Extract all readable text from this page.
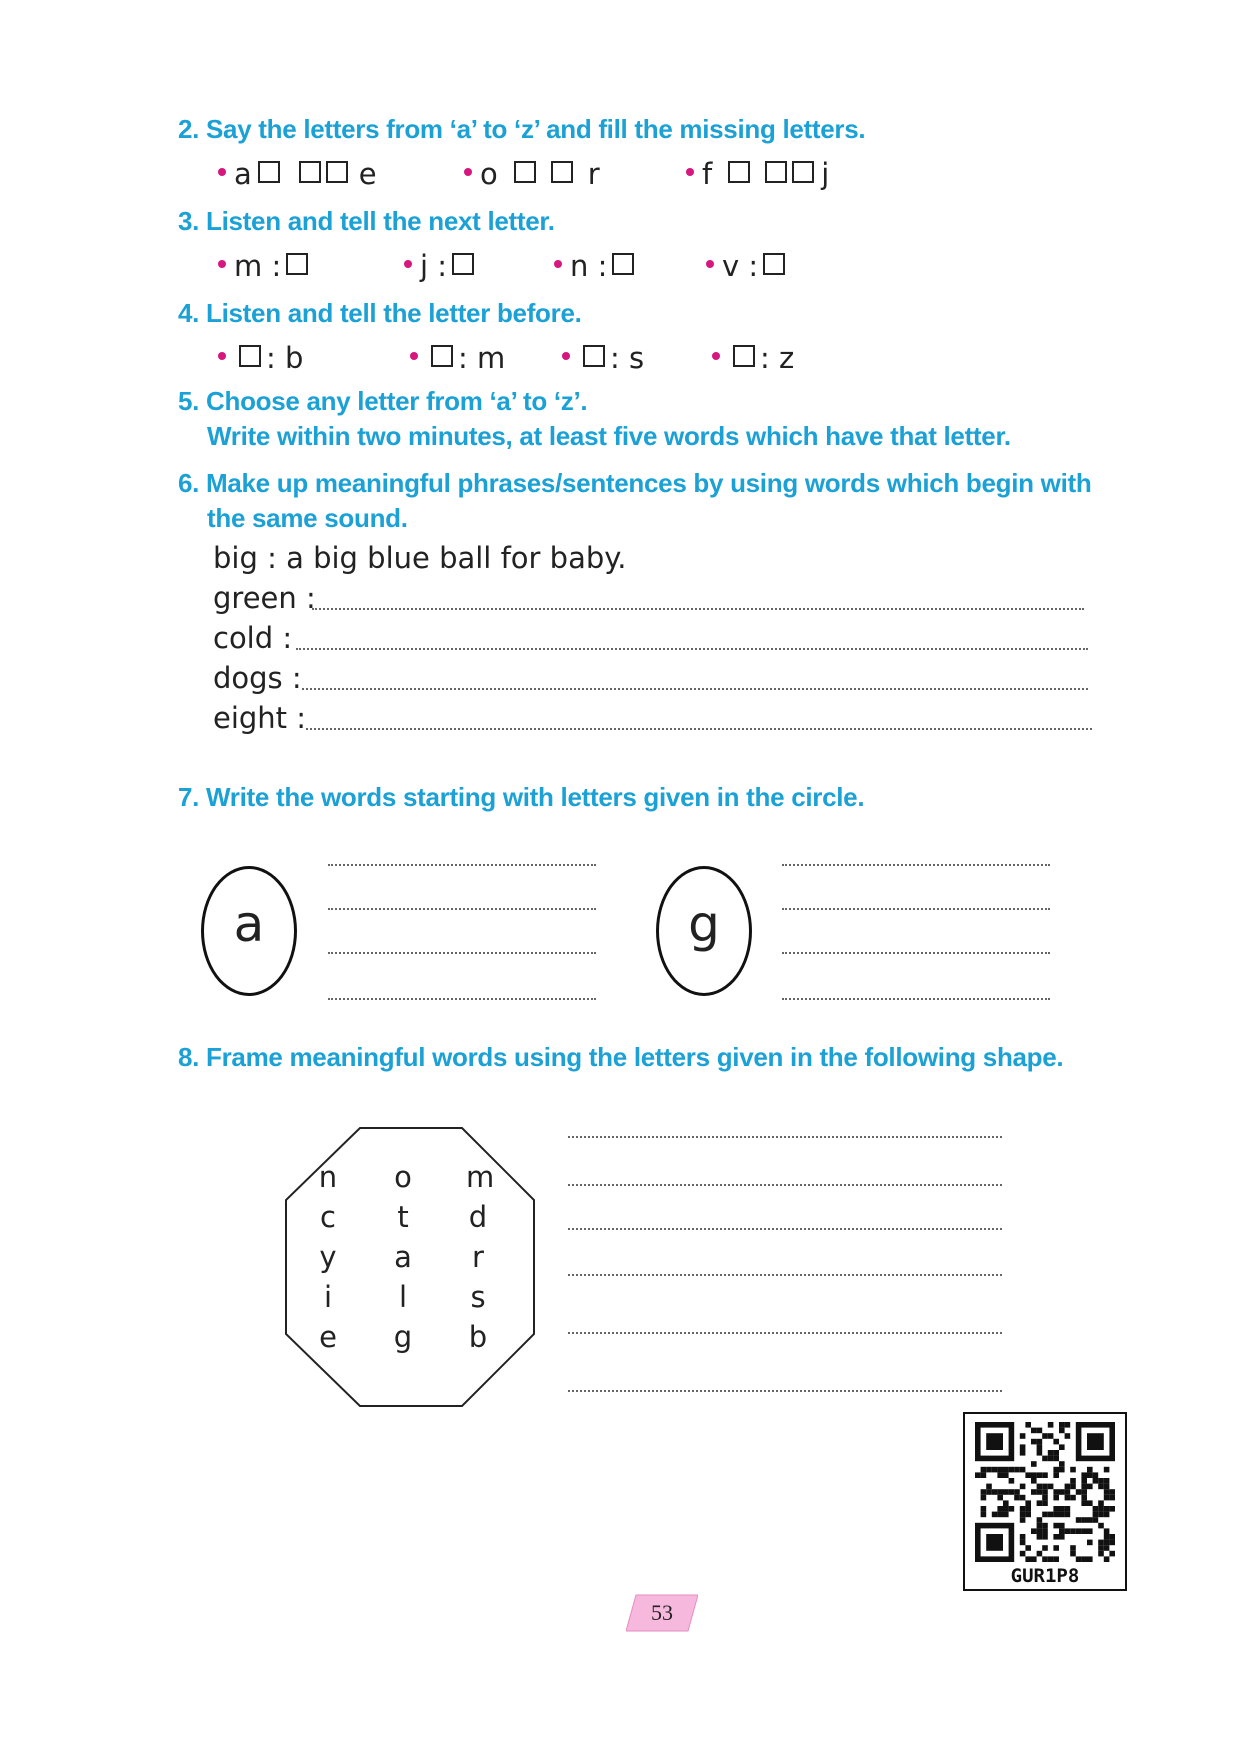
2. Say the letters from ‘a’ to ‘z’ and fill the missing letters.
a	e	o	r	f	j
3. Listen and tell the next letter.
m :	j :	n :	v :
4. Listen and tell the letter before.
: b	: m	: s	: z
5. Choose any letter from ‘a’ to ‘z’.
Write within two minutes, at least five words which have that letter.
6. Make up meaningful phrases/sentences by using words which begin with
the same sound.
big : a big blue ball for baby.
green :
cold :
dogs :
eight :
7. Write the words starting with letters given in the circle.
a	g
8. Frame meaningful words using the letters given in the following shape.
n o m
c t d
y a r
i l s
e g b
GUR1P8
53
